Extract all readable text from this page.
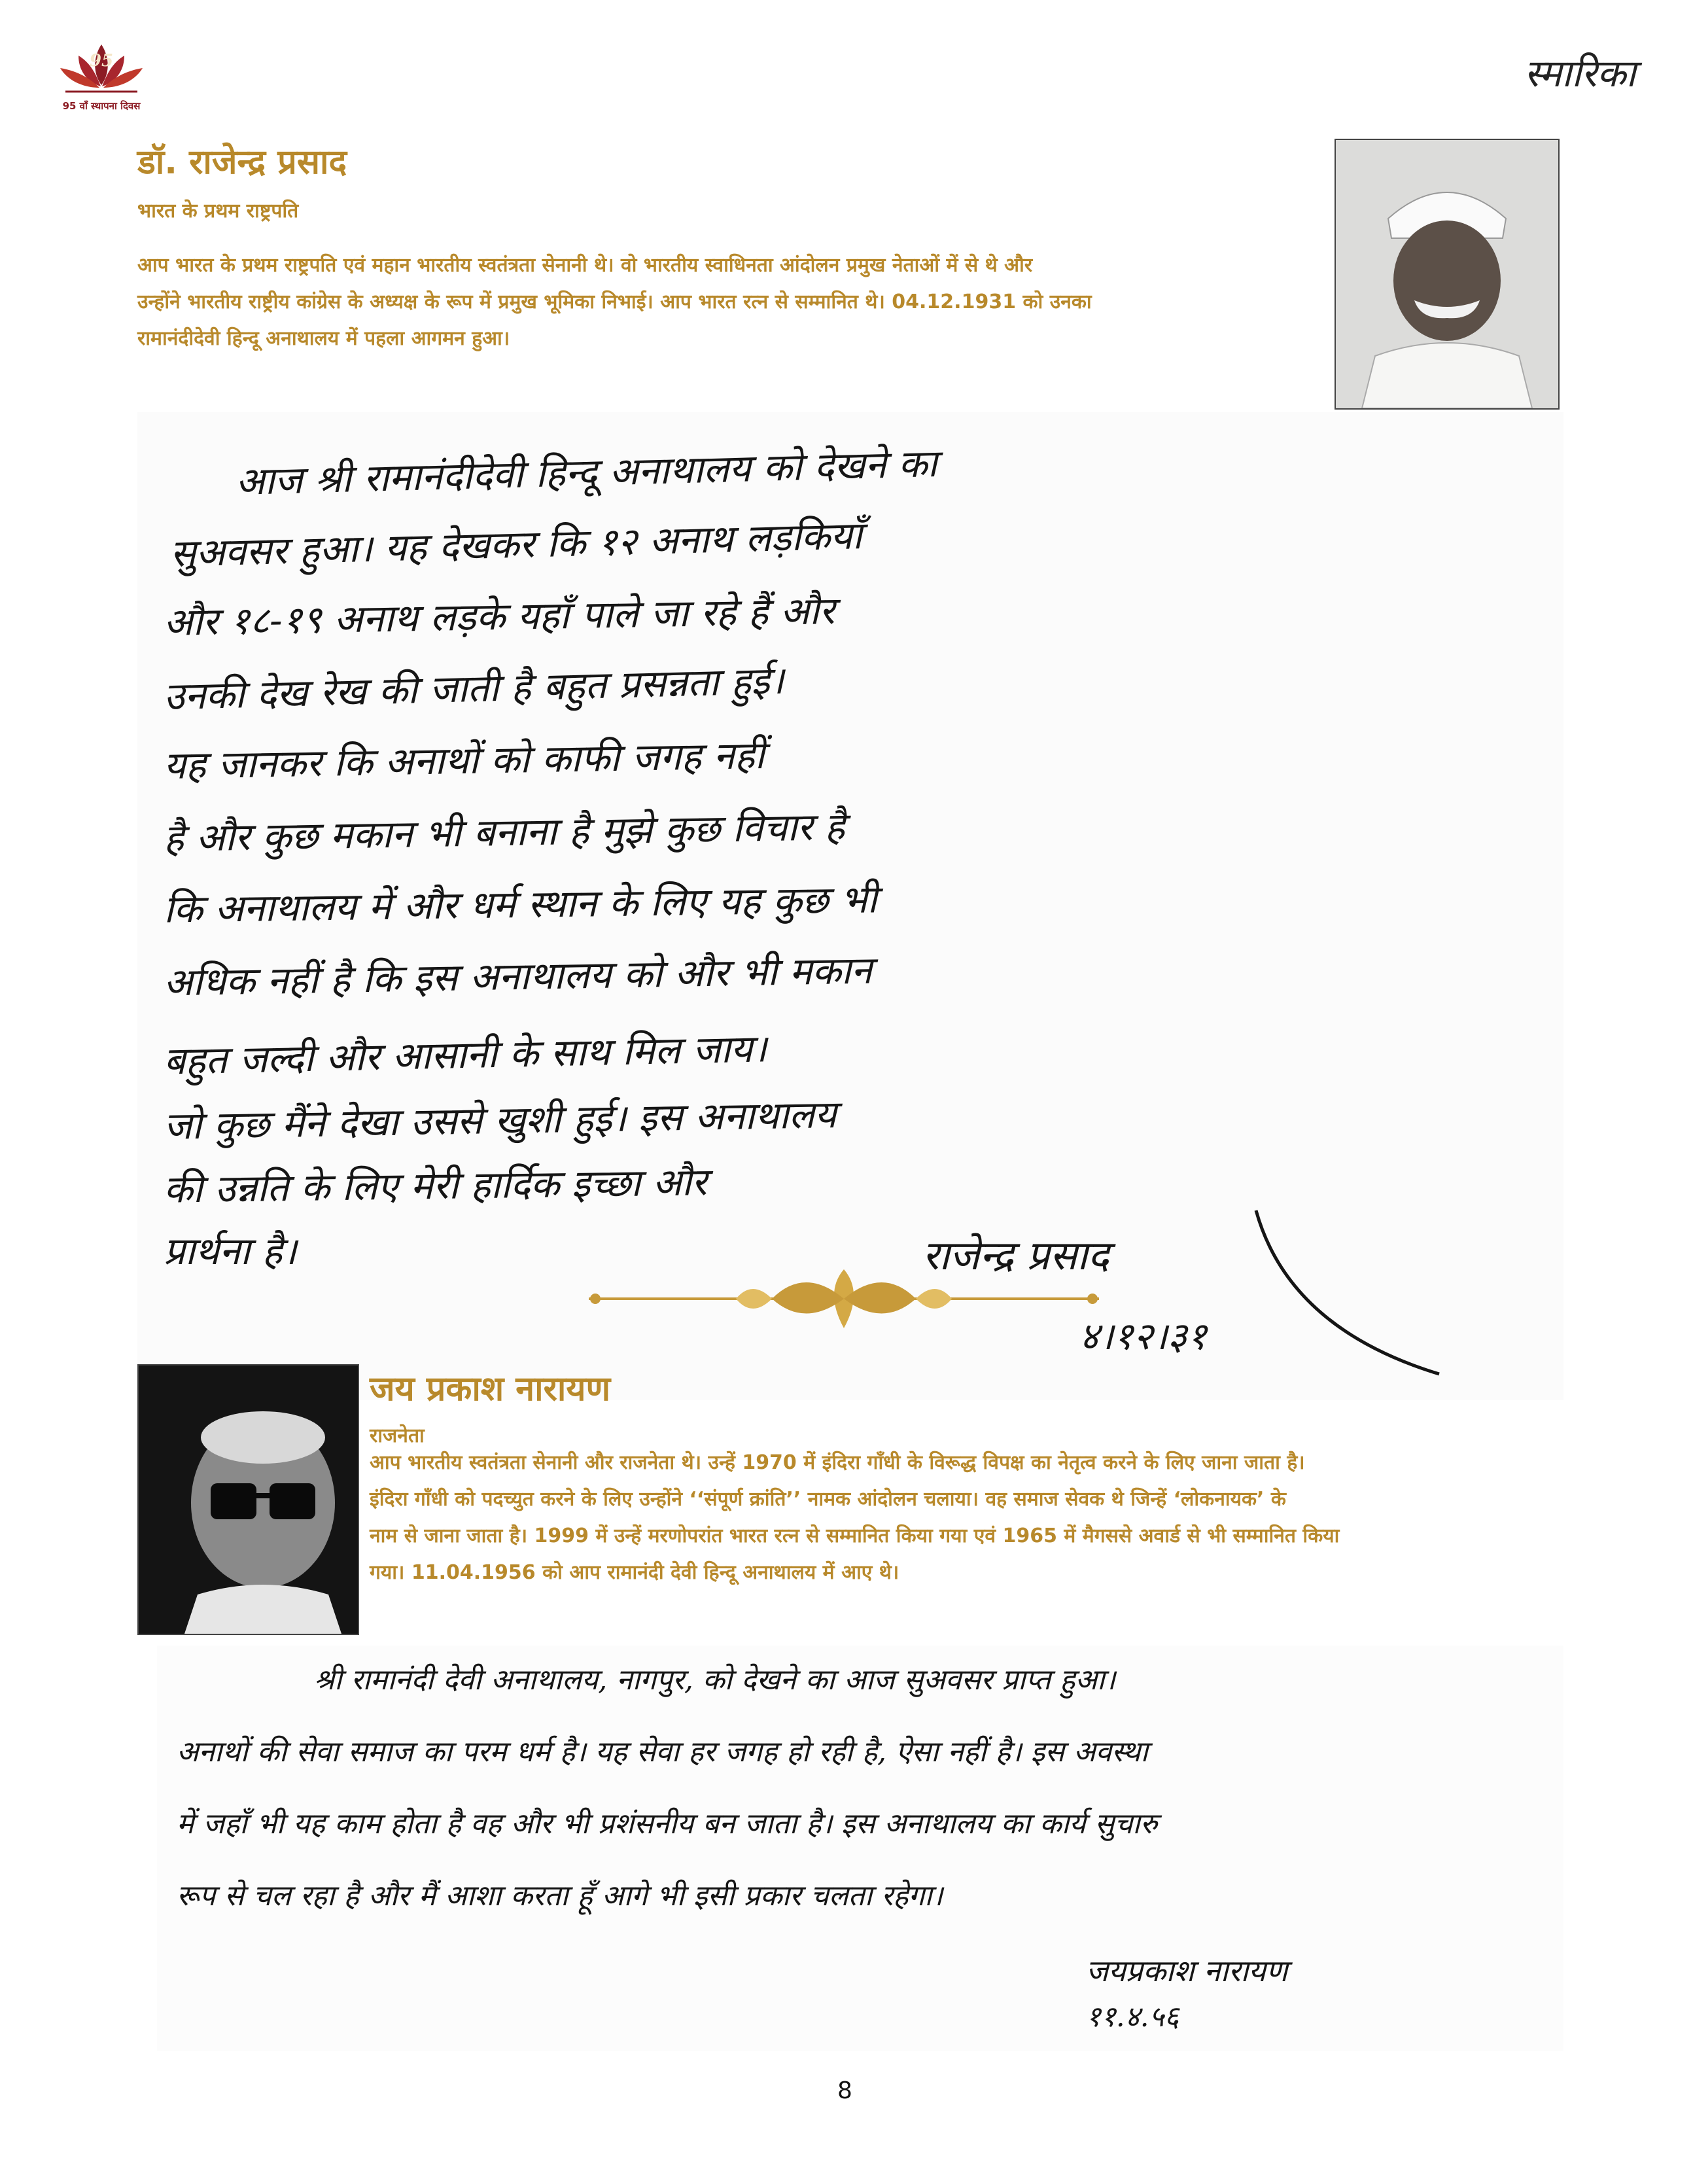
95
95 वाँ स्थापना दिवस
स्मारिका
डॉ. राजेन्द्र प्रसाद
भारत के प्रथम राष्ट्रपति
आप भारत के प्रथम राष्ट्रपति एवं महान भारतीय स्वतंत्रता सेनानी थे। वो भारतीय स्वाधिनता आंदोलन प्रमुख नेताओं में से थे और
उन्होंने भारतीय राष्ट्रीय कांग्रेस के अध्यक्ष के रूप में प्रमुख भूमिका निभाई। आप भारत रत्न से सम्मानित थे। 04.12.1931 को उनका
रामानंदीदेवी हिन्दू अनाथालय में पहला आगमन हुआ।
आज श्री रामानंदीदेवी हिन्दू अनाथालय को देखने का
सुअवसर हुआ। यह देखकर कि १२ अनाथ लड़कियाँ
और १८-१९ अनाथ लड़के यहाँ पाले जा रहे हैं और
उनकी देख रेख की जाती है बहुत प्रसन्नता हुई।
यह जानकर कि अनाथों को काफी जगह नहीं
है और कुछ मकान भी बनाना है मुझे कुछ विचार है
कि अनाथालय में और धर्म स्थान के लिए यह कुछ भी
अधिक नहीं है कि इस अनाथालय को और भी मकान
बहुत जल्दी और आसानी के साथ मिल जाय।
जो कुछ मैंने देखा उससे खुशी हुई। इस अनाथालय
की उन्नति के लिए मेरी हार्दिक इच्छा और
प्रार्थना है।	राजेन्द्र प्रसाद
४।१२।३१
जय प्रकाश नारायण
राजनेता
आप भारतीय स्वतंत्रता सेनानी और राजनेता थे। उन्हें 1970 में इंदिरा गाँधी के विरूद्ध विपक्ष का नेतृत्व करने के लिए जाना जाता है।
इंदिरा गाँधी को पदच्युत करने के लिए उन्होंने ‘‘संपूर्ण क्रांति’’ नामक आंदोलन चलाया। वह समाज सेवक थे जिन्हें ‘लोकनायक’ के
नाम से जाना जाता है। 1999 में उन्हें मरणोपरांत भारत रत्न से सम्मानित किया गया एवं 1965 में मैगससे अवार्ड से भी सम्मानित किया
गया। 11.04.1956 को आप रामानंदी देवी हिन्दू अनाथालय में आए थे।
श्री रामानंदी देवी अनाथालय, नागपुर, को देखने का आज सुअवसर प्राप्त हुआ।
अनाथों की सेवा समाज का परम धर्म है। यह सेवा हर जगह हो रही है, ऐसा नहीं है। इस अवस्था
में जहाँ भी यह काम होता है वह और भी प्रशंसनीय बन जाता है। इस अनाथालय का कार्य सुचारु
रूप से चल रहा है और मैं आशा करता हूँ आगे भी इसी प्रकार चलता रहेगा।
जयप्रकाश नारायण
११.४.५६
8
